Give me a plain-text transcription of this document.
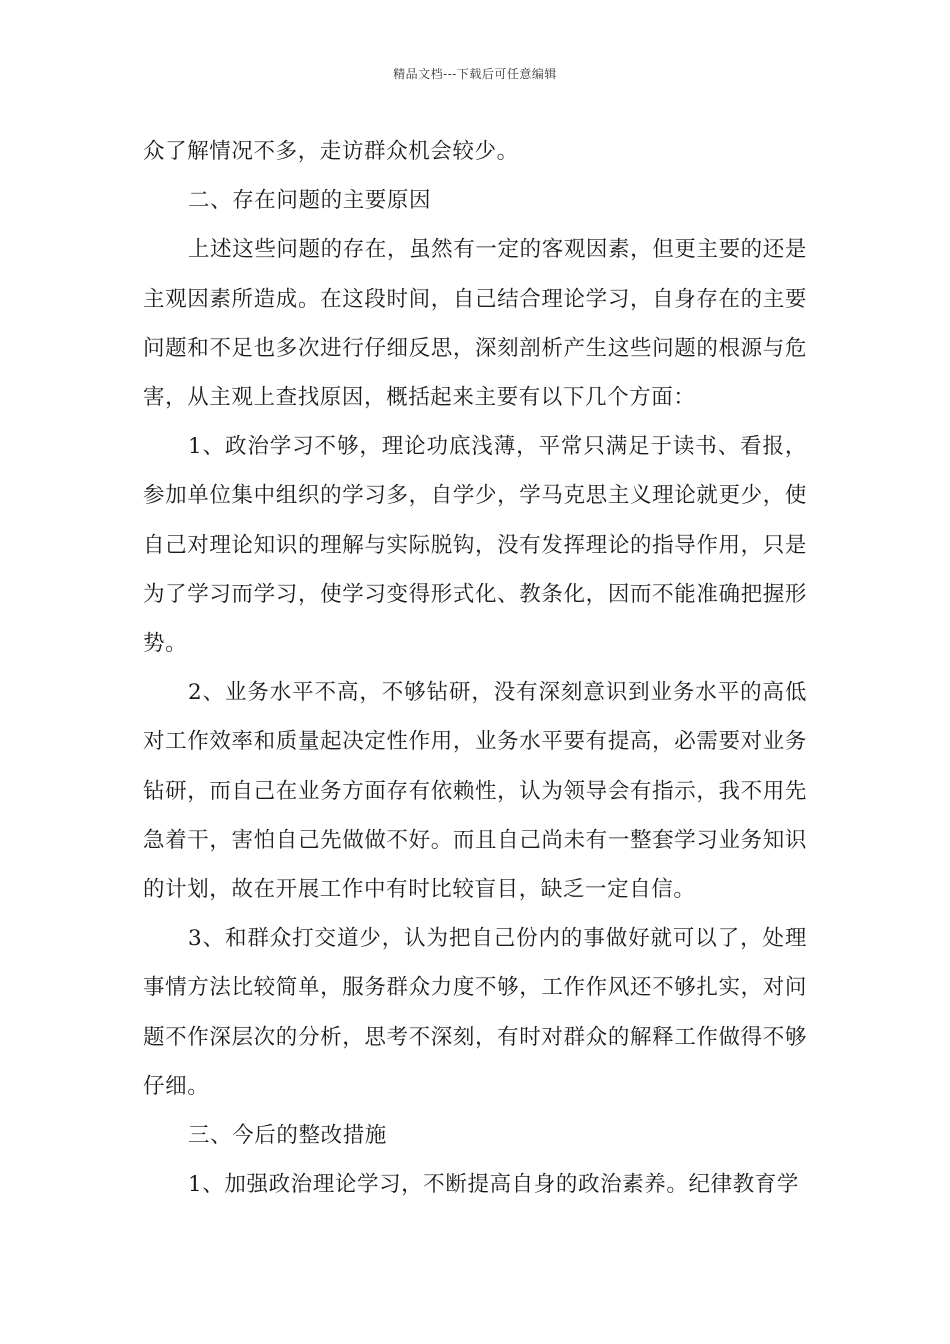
精品文档---下载后可任意编辑

众了解情况不多，走访群众机会较少。

二、存在问题的主要原因

上述这些问题的存在，虽然有一定的客观因素，但更主要的还是主观因素所造成。在这段时间，自己结合理论学习，自身存在的主要问题和不足也多次进行仔细反思，深刻剖析产生这些问题的根源与危害，从主观上查找原因，概括起来主要有以下几个方面：

1、政治学习不够，理论功底浅薄，平常只满足于读书、看报，参加单位集中组织的学习多，自学少，学马克思主义理论就更少，使自己对理论知识的理解与实际脱钩，没有发挥理论的指导作用，只是为了学习而学习，使学习变得形式化、教条化，因而不能准确把握形势。

2、业务水平不高，不够钻研，没有深刻意识到业务水平的高低对工作效率和质量起决定性作用，业务水平要有提高，必需要对业务钻研，而自己在业务方面存有依赖性，认为领导会有指示，我不用先急着干，害怕自己先做做不好。而且自己尚未有一整套学习业务知识的计划，故在开展工作中有时比较盲目，缺乏一定自信。

3、和群众打交道少，认为把自己份内的事做好就可以了，处理事情方法比较简单，服务群众力度不够，工作作风还不够扎实，对问题不作深层次的分析，思考不深刻，有时对群众的解释工作做得不够仔细。

三、今后的整改措施

1、加强政治理论学习，不断提高自身的政治素养。纪律教育学
